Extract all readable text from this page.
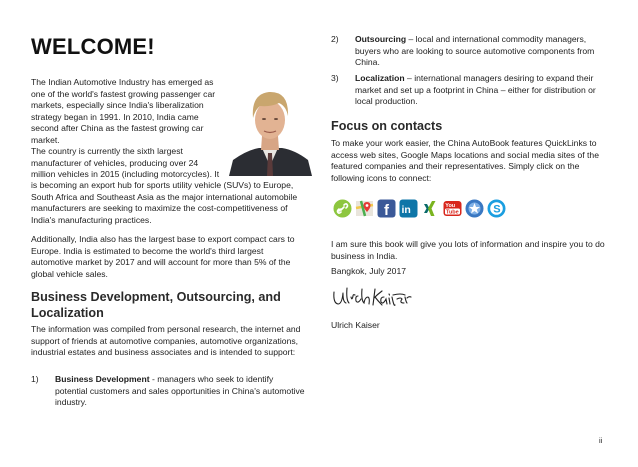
WELCOME!

The Indian Automotive Industry has emerged as one of the world's fastest growing passenger car markets, especially since India's liberalization strategy began in 1991. In 2010, India came second after China as the fastest growing car market.

The country is currently the sixth largest manufacturer of vehicles, producing over 24 million vehicles in 2015 (including motorcycles). It

is becoming an export hub for sports utility vehicle (SUVs) to Europe, South Africa and Southeast Asia as the major international automobile manufacturers are seeking to maximize the cost-competitiveness of India's manufacturing practices.

Additionally, India also has the largest base to export compact cars to Europe. India is estimated to become the world's third largest automotive market by 2017 and will account for more than 5% of the global vehicle sales.

Business Development, Outsourcing, and Localization

The information was compiled from personal research, the internet and support of friends at automotive companies, automotive organizations, industrial estates and business associates and is intended to support:

1)	Business Development - managers who seek to identify potential customers and sales opportunities in China's automotive industry.
2)	Outsourcing – local and international commodity managers, buyers who are looking to source automotive components from China.
3)	Localization – international managers desiring to expand their market and set up a footprint in China – either for distribution or local production.
Focus on contacts

To make your work easier, the China AutoBook features QuickLinks to access web sites, Google Maps locations and social media sites of the featured companies and their representatives. Simply click on the following icons to connect:

f in	You
Tube	S

I am sure this book will give you lots of information and inspire you to do business in India.

Bangkok, July 2017

Ulrich Kaiser

ii
